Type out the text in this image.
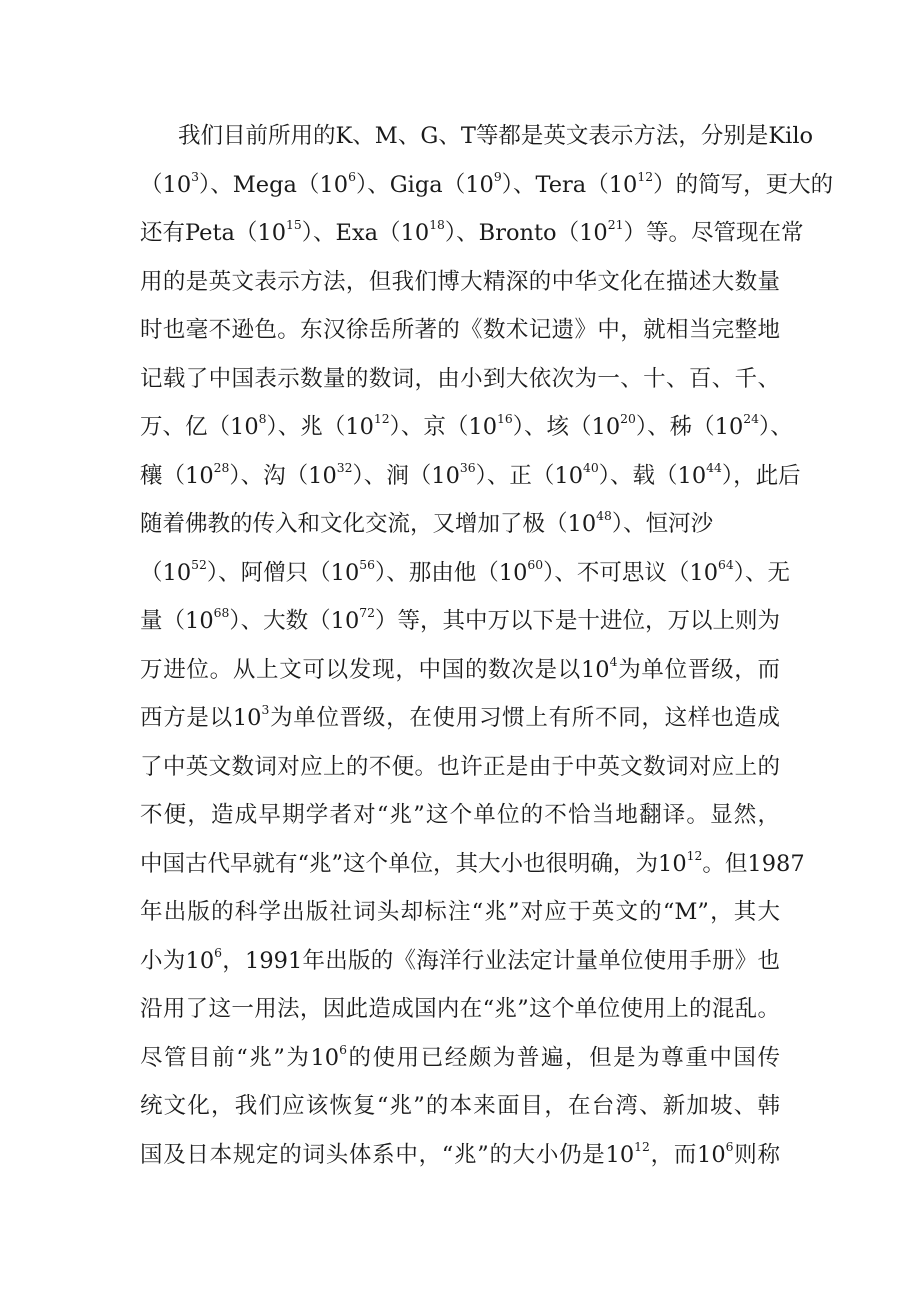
我们目前所用的K、M、G、T等都是英文表示方法，分别是Kilo
$(10^3)$、$Mega(10^6)$、$Giga(10^9)$、$Tera(10^{12})$的简写，更大的
还有$Peta(10^{15})$、$Exa(10^{18})$、$Bronto(10^{21})$等。尽管现在常
用的是英文表示方法，但我们博大精深的中华文化在描述大数量
时也毫不逊色。东汉徐岳所著的《数术记遗》中，就相当完整地
记载了中国表示数量的数词，由小到大依次为一、十、百、千、
万、亿$(10^8)$、兆$(10^{12})$、京$(10^{16})$、垓$(10^{20})$、秭$(10^{24})$、
穰$(10^{28})$、沟$(10^{32})$、涧$(10^{36})$、正$(10^{40})$、载$(10^{44})$，此后
随着佛教的传入和文化交流，又增加了极$(10^{48})$、恒河沙
$(10^{52})$、阿僧只$(10^{56})$、那由他$(10^{60})$、不可思议$(10^{64})$、无
量$(10^{68})$、大数$(10^{72})$等，其中万以下是十进位，万以上则为
万进位。从上文可以发现，中国的数次是以$10^4$为单位晋级，而
西方是以$10^3$为单位晋级，在使用习惯上有所不同，这样也造成
了中英文数词对应上的不便。也许正是由于中英文数词对应上的
不便，造成早期学者对“兆”这个单位的不恰当地翻译。显然，
中国古代早就有“兆”这个单位，其大小也很明确，为$10^{12}$。但1987
年出版的科学出版社词头却标注“兆”对应于英文的“M”，其大
小为$10^6$，1991年出版的《海洋行业法定计量单位使用手册》也
沿用了这一用法，因此造成国内在“兆”这个单位使用上的混乱。
尽管目前“兆”为$10^6$的使用已经颇为普遍，但是为尊重中国传
统文化，我们应该恢复“兆”的本来面目，在台湾、新加坡、韩
国及日本规定的词头体系中，“兆”的大小仍是$10^{12}$，而$10^6$则称
